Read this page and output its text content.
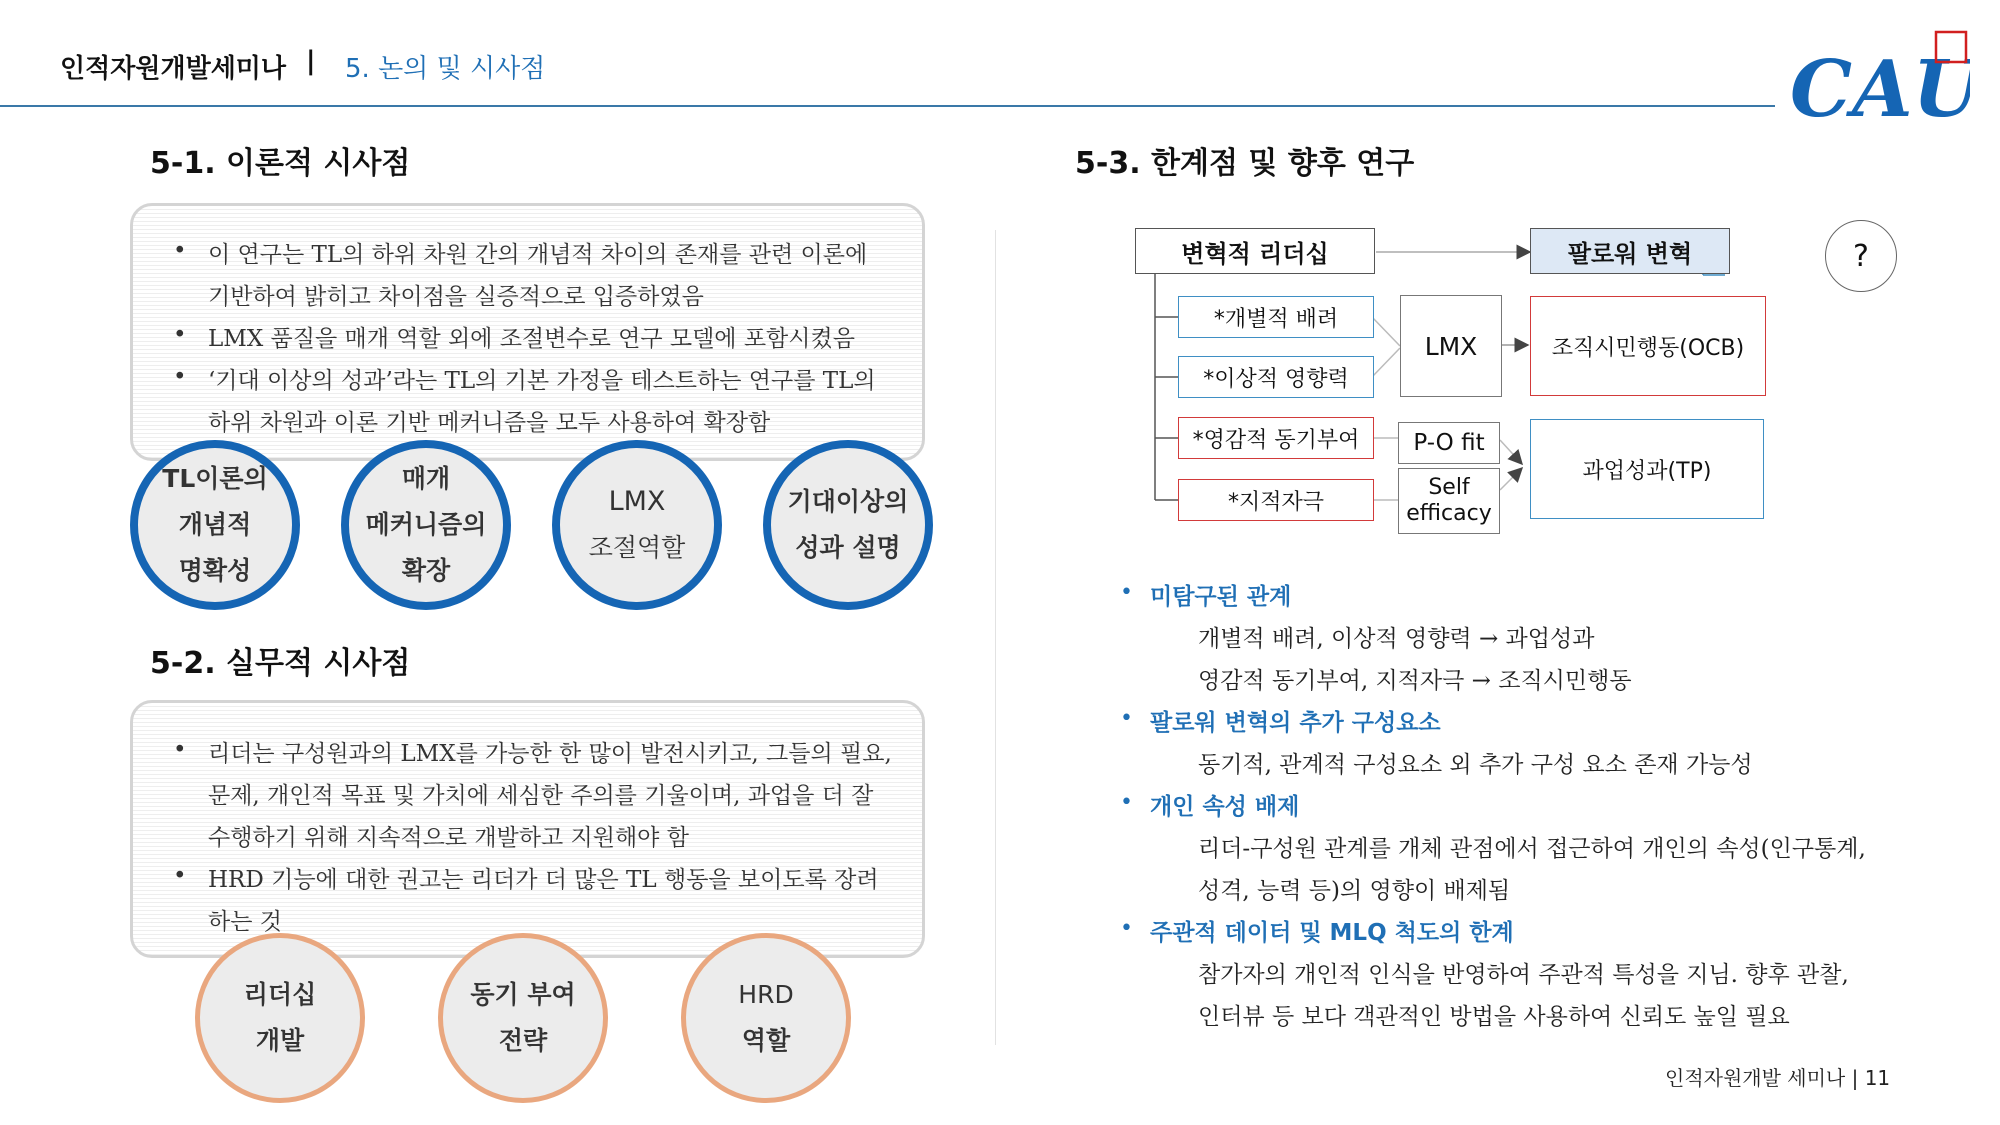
인적자원개발세미나 | 5. 논의 및 시사점	CAU
5-1. 이론적 시사점
• 이 연구는 TL의 하위 차원 간의 개념적 차이의 존재를 관련 이론에
기반하여 밝히고 차이점을 실증적으로 입증하였음
• LMX 품질을 매개 역할 외에 조절변수로 연구 모델에 포함시켰음
• ‘기대 이상의 성과’라는 TL의 기본 가정을 테스트하는 연구를 TL의
하위 차원과 이론 기반 메커니즘을 모두 사용하여 확장함
TL이론의
개념적
명확성
매개
메커니즘의
확장
LMX
조절역할
기대이상의
성과 설명
5-2. 실무적 시사점
• 리더는 구성원과의 LMX를 가능한 한 많이 발전시키고, 그들의 필요,
문제, 개인적 목표 및 가치에 세심한 주의를 기울이며, 과업을 더 잘
수행하기 위해 지속적으로 개발하고 지원해야 함
• HRD 기능에 대한 권고는 리더가 더 많은 TL 행동을 보이도록 장려
하는 것
리더십
개발
동기 부여
전략
HRD
역할
5-3. 한계점 및 향후 연구
변혁적 리더십	팔로워 변혁	?
*개별적 배려
*이상적 영향력
*영감적 동기부여
*지적자극
LMX
P-O fit
Self efficacy
조직시민행동(OCB)
과업성과(TP)
• 미탐구된 관계
개별적 배려, 이상적 영향력 → 과업성과
영감적 동기부여, 지적자극 → 조직시민행동
• 팔로워 변혁의 추가 구성요소
동기적, 관계적 구성요소 외 추가 구성 요소 존재 가능성
• 개인 속성 배제
리더-구성원 관계를 개체 관점에서 접근하여 개인의 속성(인구통계,
성격, 능력 등)의 영향이 배제됨
• 주관적 데이터 및 MLQ 척도의 한계
참가자의 개인적 인식을 반영하여 주관적 특성을 지님. 향후 관찰,
인터뷰 등 보다 객관적인 방법을 사용하여 신뢰도 높일 필요
인적자원개발 세미나 | 11
